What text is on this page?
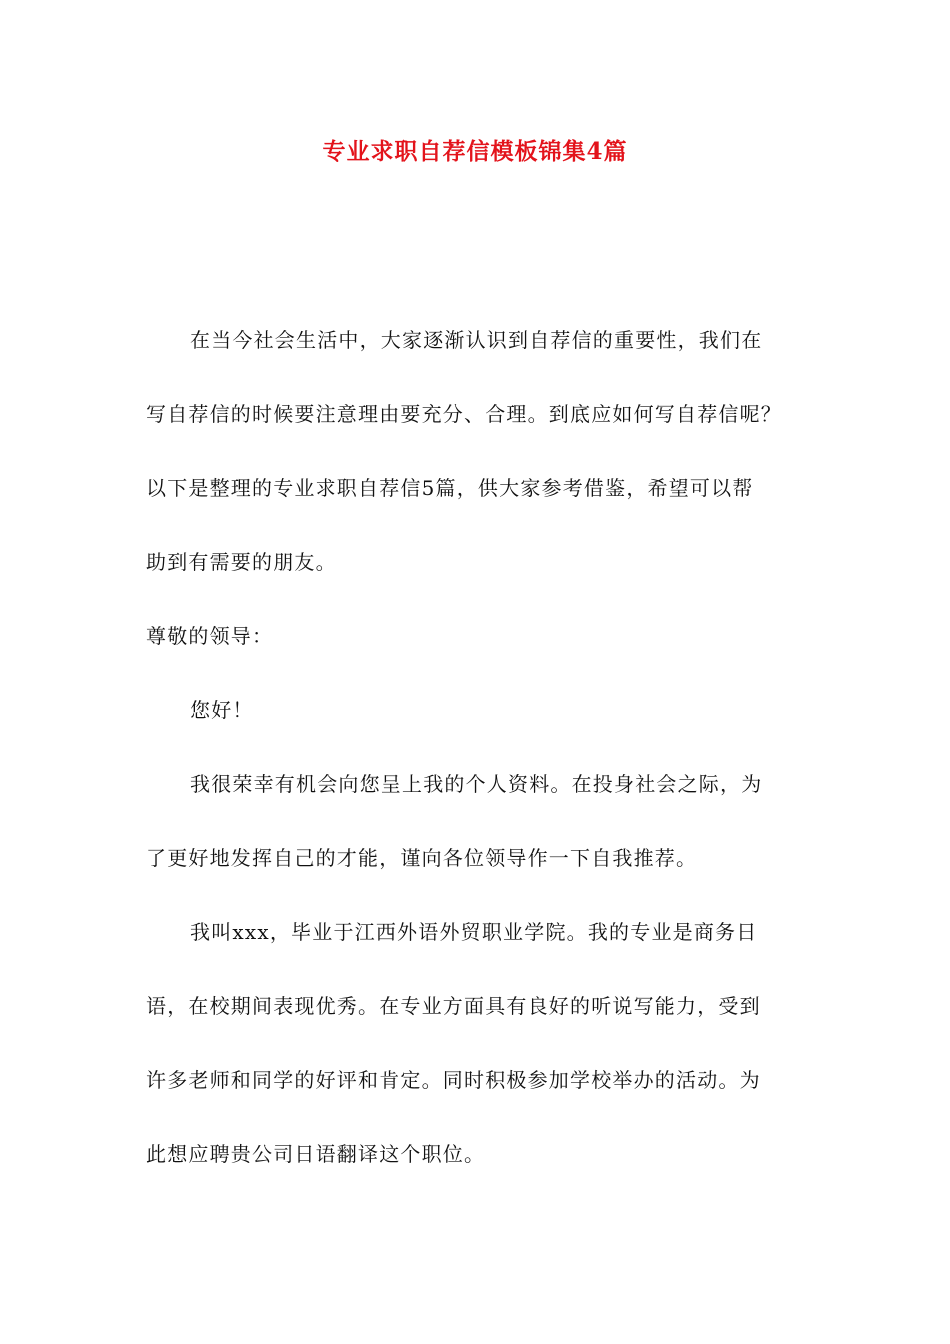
专业求职自荐信模板锦集4篇
在当今社会生活中，大家逐渐认识到自荐信的重要性，我们在
写自荐信的时候要注意理由要充分、合理。到底应如何写自荐信呢？
以下是整理的专业求职自荐信5篇，供大家参考借鉴，希望可以帮
助到有需要的朋友。
尊敬的领导：
您好！
我很荣幸有机会向您呈上我的个人资料。在投身社会之际，为
了更好地发挥自己的才能，谨向各位领导作一下自我推荐。
我叫xxx，毕业于江西外语外贸职业学院。我的专业是商务日
语，在校期间表现优秀。在专业方面具有良好的听说写能力，受到
许多老师和同学的好评和肯定。同时积极参加学校举办的活动。为
此想应聘贵公司日语翻译这个职位。
